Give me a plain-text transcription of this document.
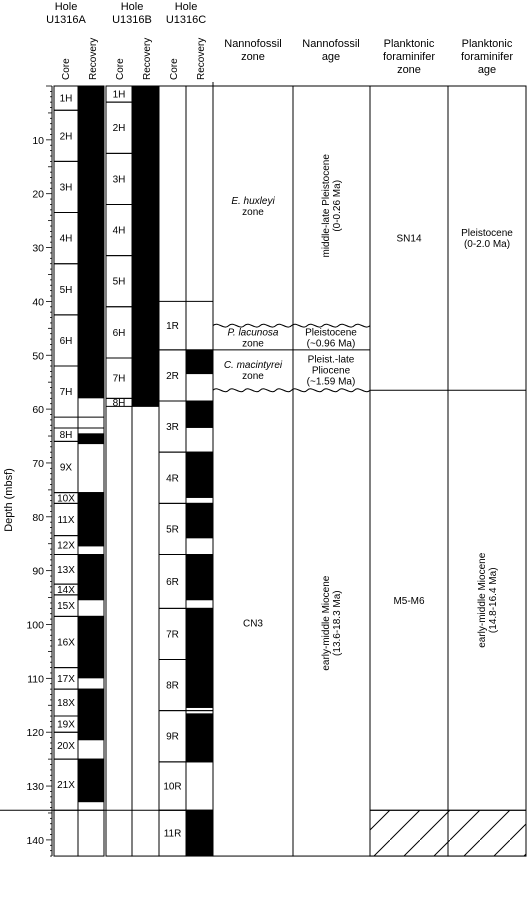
Hole
U1316A
Hole
U1316B
Hole
U1316C
Core Recovery Core Recovery Core Recovery Nannofossil
zone
Nannofossil
age
Planktonic
foraminifer
zone
Planktonic
foraminifer
age
Depth (mbsf)
10
20
30
40
50
60
70
80
90
100
110
120
130
140
1H
2H
3H
4H
5H
6H
7H
8H
9X
10X
11X
12X
13X
14X
15X
16X
17X
18X
19X
20X
21X
1H
2H
3H
4H
5H
6H
7H
8H
1R
2R
3R
4R
5R
6R
7R
8R
9R
10R
11R
E. huxleyi
zone
P. lacunosa
zone
C. macintyrei
zone
CN3
middle-late Pleistocene (0-0.26 Ma)
Pleistocene
(~0.96 Ma)
Pleist.-late
Pliocene
(~1.59 Ma)
early-middle Miocene (13.6-18.3 Ma)
SN14
M5-M6
Pleistocene
(0-2.0 Ma)
early-middle Miocene (14.8-16.4 Ma)
